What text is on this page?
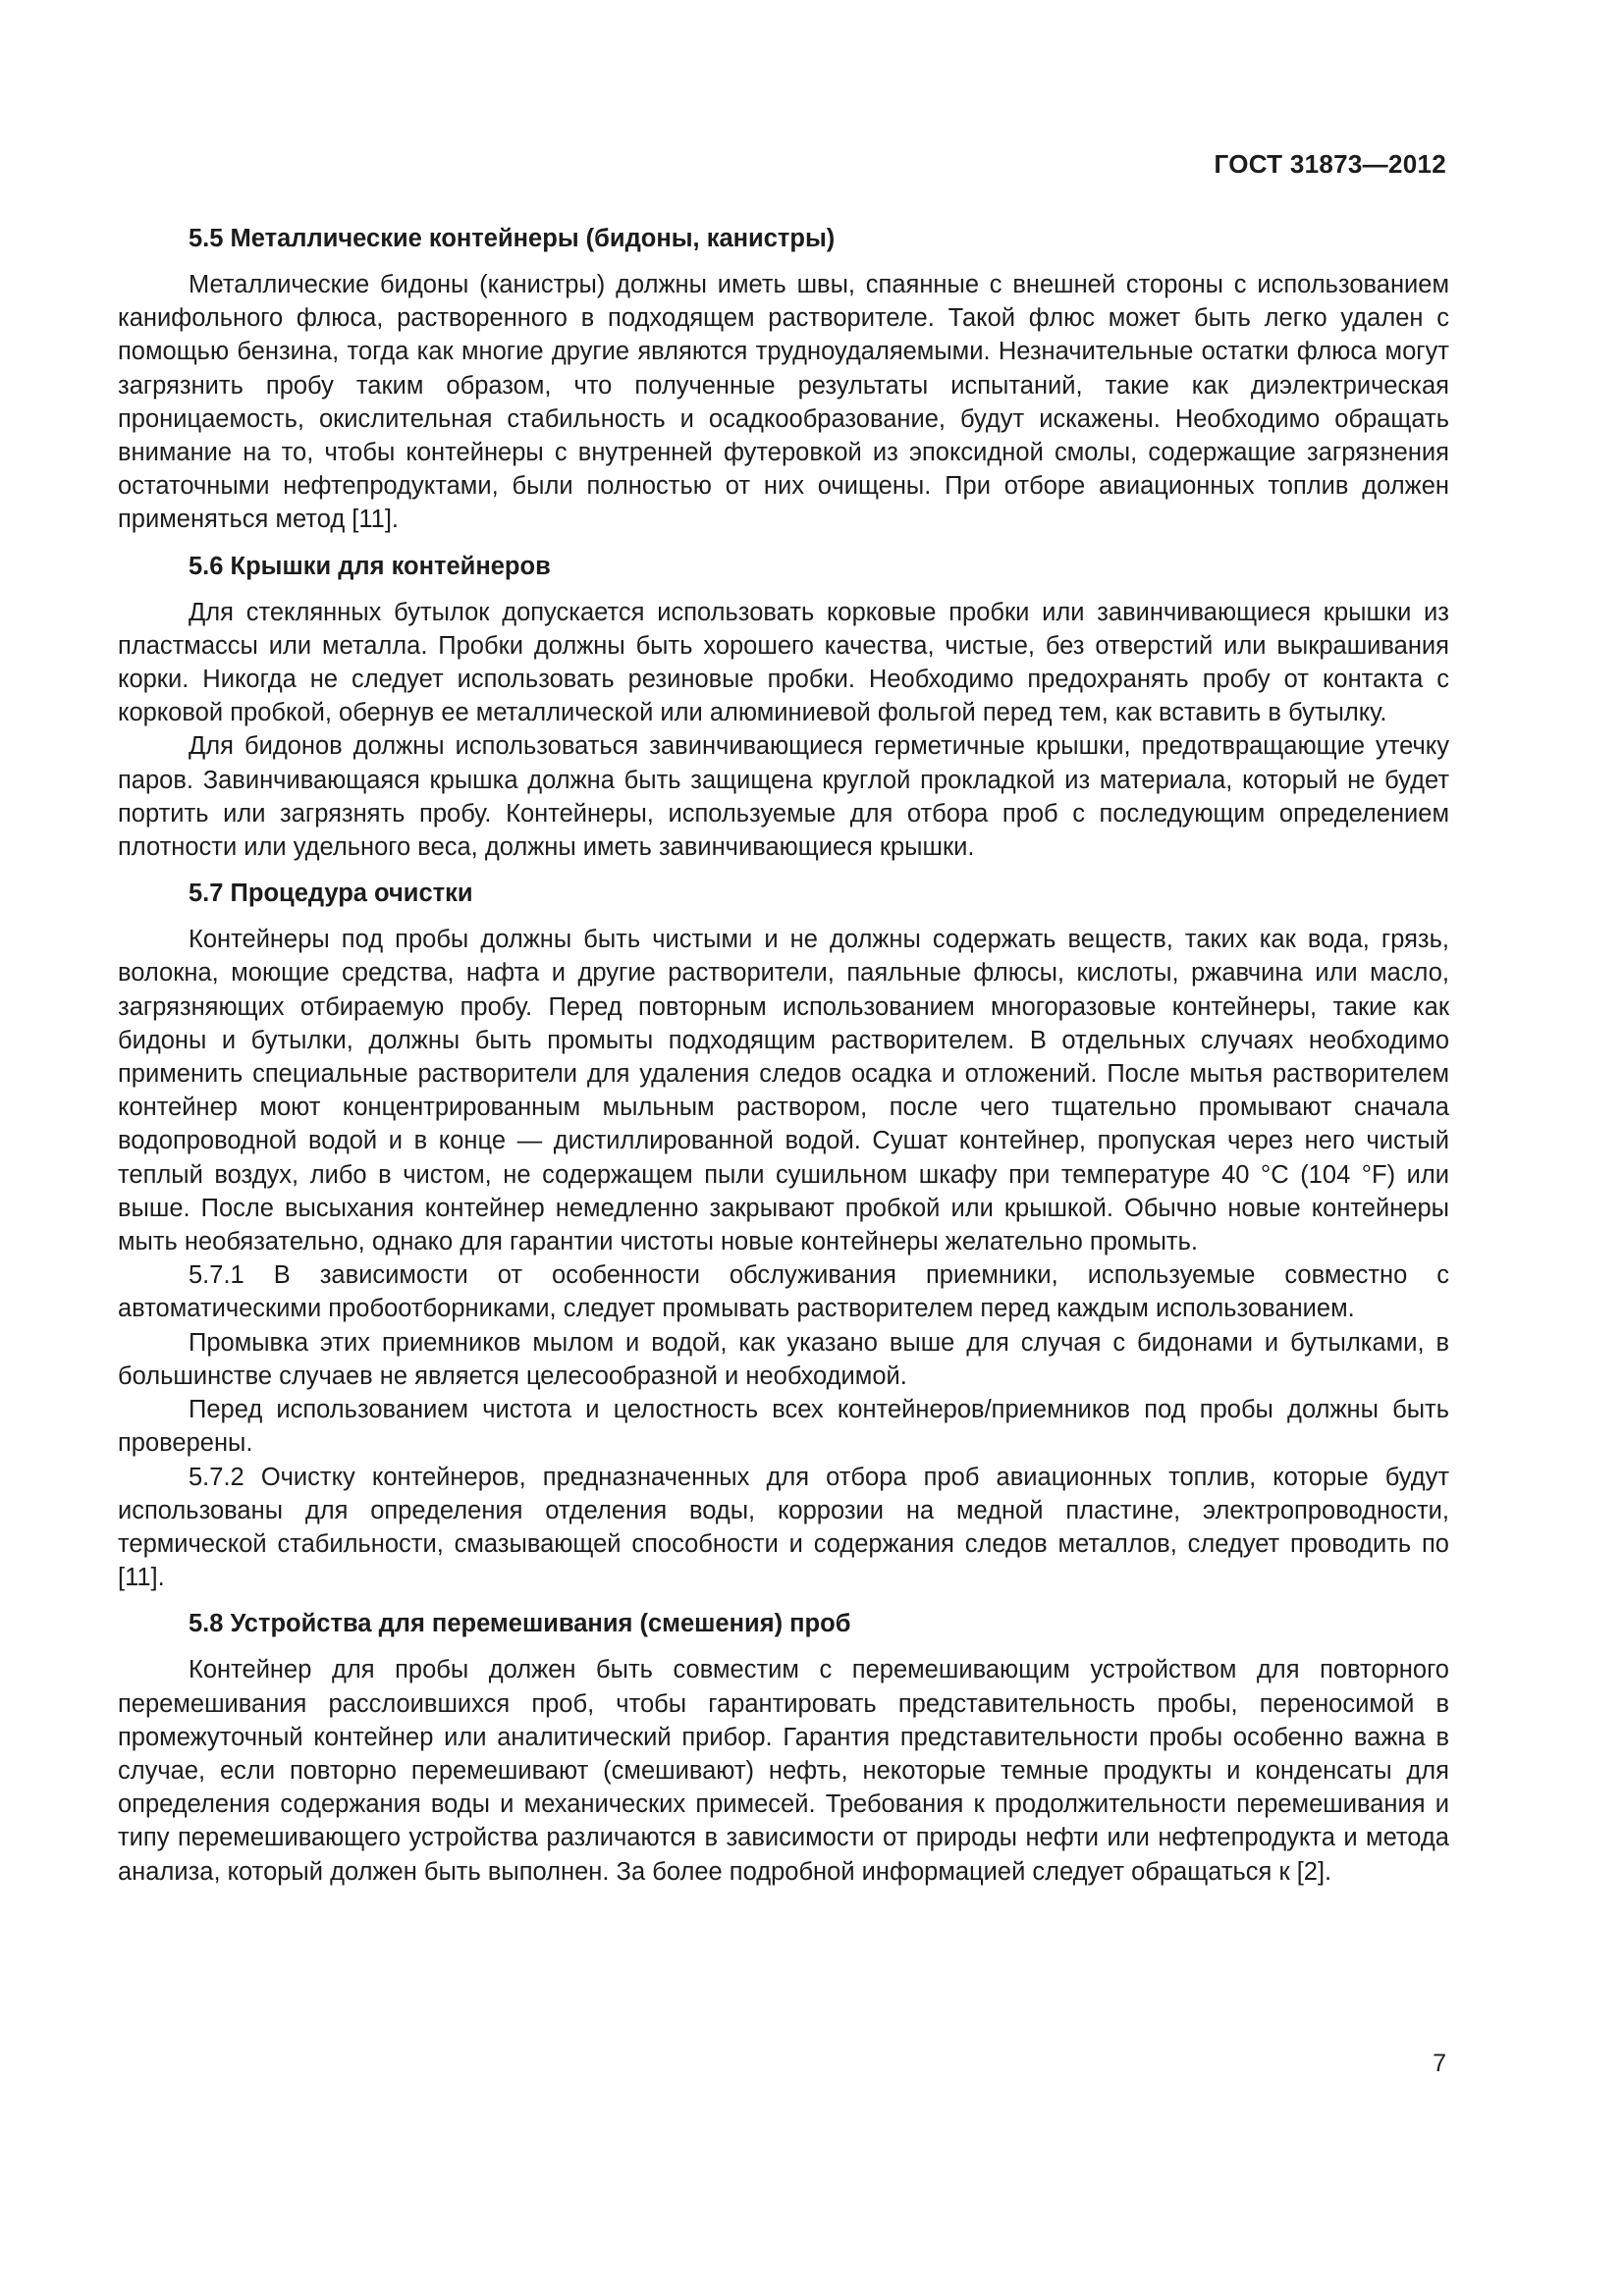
ГОСТ 31873—2012
5.5 Металлические контейнеры (бидоны, канистры)

Металлические бидоны (канистры) должны иметь швы, спаянные с внешней стороны с использованием канифольного флюса, растворенного в подходящем растворителе. Такой флюс может быть легко удален с помощью бензина, тогда как многие другие являются трудноудаляемыми. Незначительные остатки флюса могут загрязнить пробу таким образом, что полученные результаты испытаний, такие как диэлектрическая проницаемость, окислительная стабильность и осадкообразование, будут искажены. Необходимо обращать внимание на то, чтобы контейнеры с внутренней футеровкой из эпоксидной смолы, содержащие загрязнения остаточными нефтепродуктами, были полностью от них очищены. При отборе авиационных топлив должен применяться метод [11].

5.6 Крышки для контейнеров

Для стеклянных бутылок допускается использовать корковые пробки или завинчивающиеся крышки из пластмассы или металла. Пробки должны быть хорошего качества, чистые, без отверстий или выкрашивания корки. Никогда не следует использовать резиновые пробки. Необходимо предохранять пробу от контакта с корковой пробкой, обернув ее металлической или алюминиевой фольгой перед тем, как вставить в бутылку.

Для бидонов должны использоваться завинчивающиеся герметичные крышки, предотвращающие утечку паров. Завинчивающаяся крышка должна быть защищена круглой прокладкой из материала, который не будет портить или загрязнять пробу. Контейнеры, используемые для отбора проб с последующим определением плотности или удельного веса, должны иметь завинчивающиеся крышки.

5.7 Процедура очистки

Контейнеры под пробы должны быть чистыми и не должны содержать веществ, таких как вода, грязь, волокна, моющие средства, нафта и другие растворители, паяльные флюсы, кислоты, ржавчина или масло, загрязняющих отбираемую пробу. Перед повторным использованием многоразовые контейнеры, такие как бидоны и бутылки, должны быть промыты подходящим растворителем. В отдельных случаях необходимо применить специальные растворители для удаления следов осадка и отложений. После мытья растворителем контейнер моют концентрированным мыльным раствором, после чего тщательно промывают сначала водопроводной водой и в конце — дистиллированной водой. Сушат контейнер, пропуская через него чистый теплый воздух, либо в чистом, не содержащем пыли сушильном шкафу при температуре 40 °С (104 °F) или выше. После высыхания контейнер немедленно закрывают пробкой или крышкой. Обычно новые контейнеры мыть необязательно, однако для гарантии чистоты новые контейнеры желательно промыть.

5.7.1 В зависимости от особенности обслуживания приемники, используемые совместно с автоматическими пробоотборниками, следует промывать растворителем перед каждым использованием.

Промывка этих приемников мылом и водой, как указано выше для случая с бидонами и бутылками, в большинстве случаев не является целесообразной и необходимой.

Перед использованием чистота и целостность всех контейнеров/приемников под пробы должны быть проверены.

5.7.2 Очистку контейнеров, предназначенных для отбора проб авиационных топлив, которые будут использованы для определения отделения воды, коррозии на медной пластине, электропроводности, термической стабильности, смазывающей способности и содержания следов металлов, следует проводить по [11].

5.8 Устройства для перемешивания (смешения) проб

Контейнер для пробы должен быть совместим с перемешивающим устройством для повторного перемешивания расслоившихся проб, чтобы гарантировать представительность пробы, переносимой в промежуточный контейнер или аналитический прибор. Гарантия представительности пробы особенно важна в случае, если повторно перемешивают (смешивают) нефть, некоторые темные продукты и конденсаты для определения содержания воды и механических примесей. Требования к продолжительности перемешивания и типу перемешивающего устройства различаются в зависимости от природы нефти или нефтепродукта и метода анализа, который должен быть выполнен. За более подробной информацией следует обращаться к [2].

7
